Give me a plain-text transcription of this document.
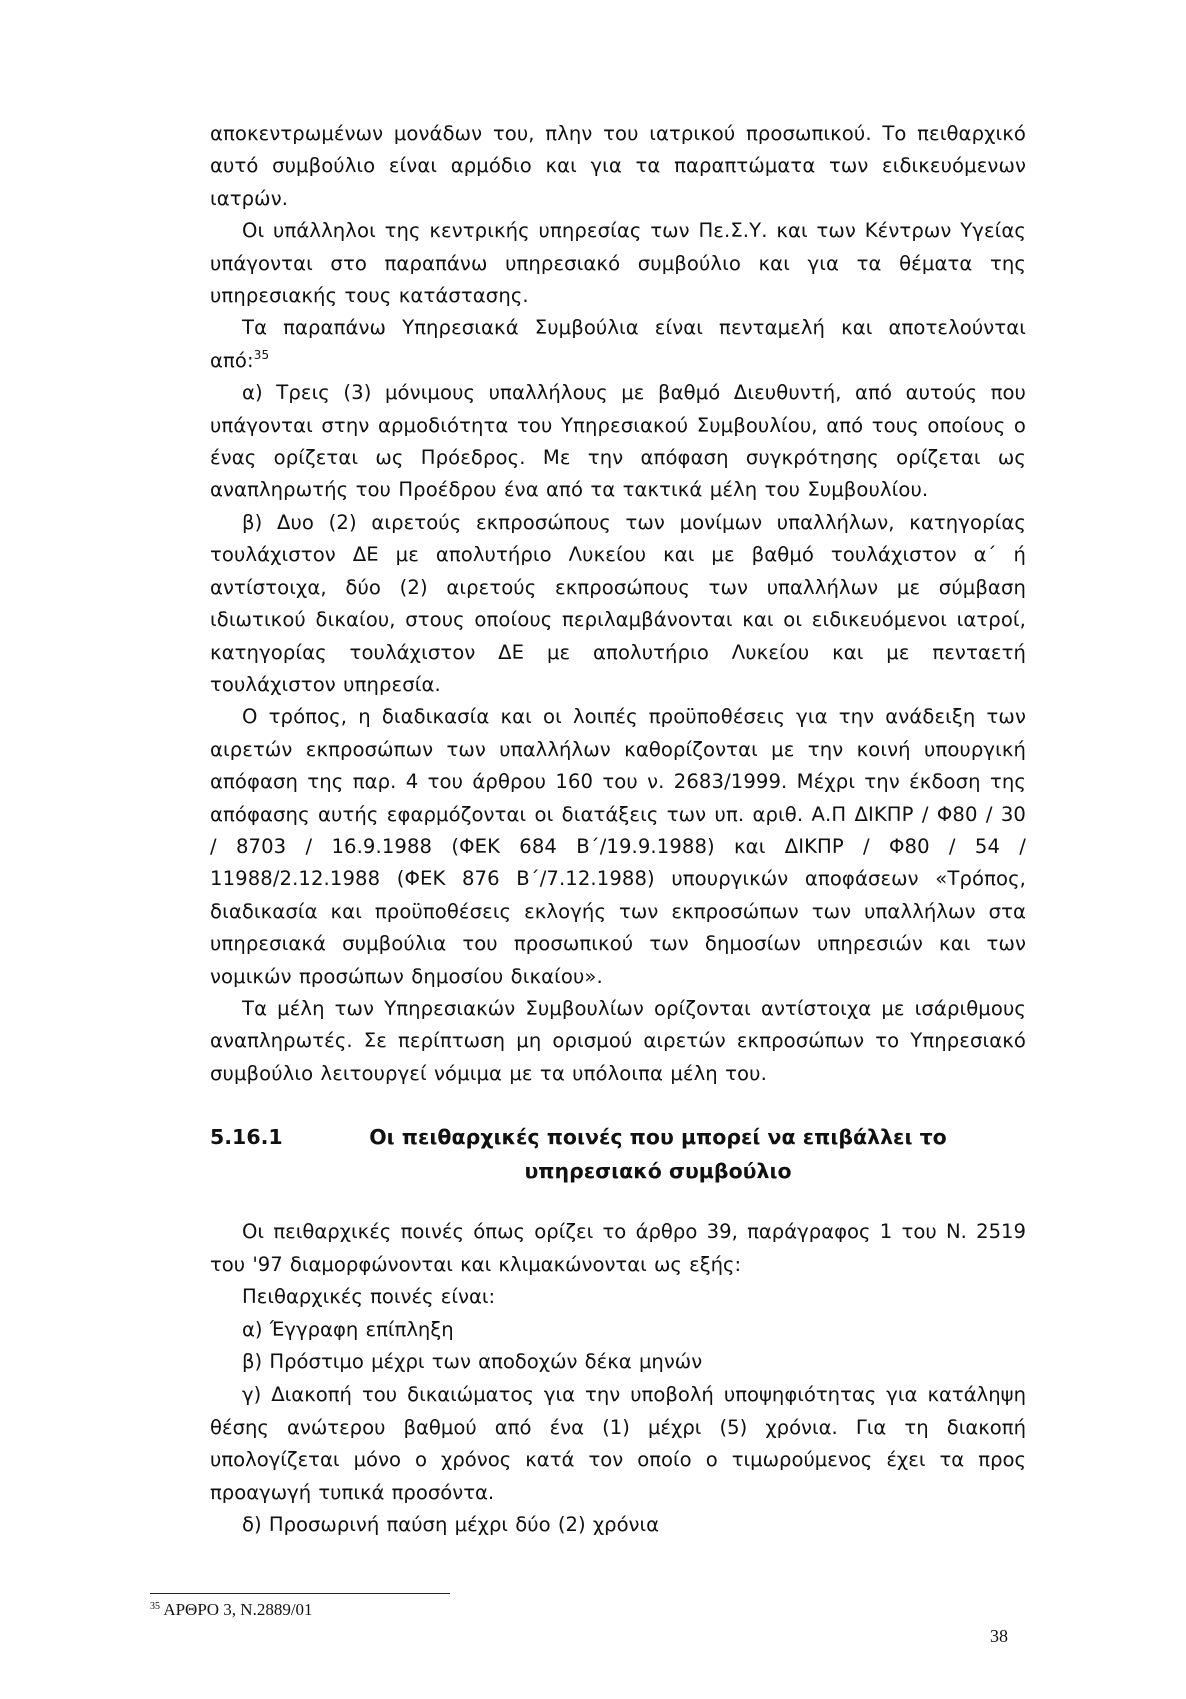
αποκεντρωμένων μονάδων του, πλην του ιατρικού προσωπικού. Το πειθαρχικό αυτό συμβούλιο είναι αρμόδιο και για τα παραπτώματα των ειδικευόμενων ιατρών.

Οι υπάλληλοι της κεντρικής υπηρεσίας των Πε.Σ.Υ. και των Κέντρων Υγείας υπάγονται στο παραπάνω υπηρεσιακό συμβούλιο και για τα θέματα της υπηρεσιακής τους κατάστασης.

Τα παραπάνω Υπηρεσιακά Συμβούλια είναι πενταμελή και αποτελούνται από:$^{35}$

α) Τρεις (3) μόνιμους υπαλλήλους με βαθμό Διευθυντή, από αυτούς που υπάγονται στην αρμοδιότητα του Υπηρεσιακού Συμβουλίου, από τους οποίους ο ένας ορίζεται ως Πρόεδρος. Με την απόφαση συγκρότησης ορίζεται ως αναπληρωτής του Προέδρου ένα από τα τακτικά μέλη του Συμβουλίου.

β) Δυο (2) αιρετούς εκπροσώπους των μονίμων υπαλλήλων, κατηγορίας τουλάχιστον ΔΕ με απολυτήριο Λυκείου και με βαθμό τουλάχιστον α΄ ή αντίστοιχα, δύο (2) αιρετούς εκπροσώπους των υπαλλήλων με σύμβαση ιδιωτικού δικαίου, στους οποίους περιλαμβάνονται και οι ειδικευόμενοι ιατροί, κατηγορίας τουλάχιστον ΔΕ με απολυτήριο Λυκείου και με πενταετή τουλάχιστον υπηρεσία.

Ο τρόπος, η διαδικασία και οι λοιπές προϋποθέσεις για την ανάδειξη των αιρετών εκπροσώπων των υπαλλήλων καθορίζονται με την κοινή υπουργική απόφαση της παρ. 4 του άρθρου 160 του ν. 2683/1999. Μέχρι την έκδοση της απόφασης αυτής εφαρμόζονται οι διατάξεις των υπ. αριθ. Α.Π ΔΙΚΠΡ / Φ80 / 30 / 8703 / 16.9.1988 (ΦΕΚ 684 Β΄/19.9.1988) και ΔΙΚΠΡ / Φ80 / 54 / 11988/2.12.1988 (ΦΕΚ 876 Β΄/7.12.1988) υπουργικών αποφάσεων «Τρόπος, διαδικασία και προϋποθέσεις εκλογής των εκπροσώπων των υπαλλήλων στα υπηρεσιακά συμβούλια του προσωπικού των δημοσίων υπηρεσιών και των νομικών προσώπων δημοσίου δικαίου».

Τα μέλη των Υπηρεσιακών Συμβουλίων ορίζονται αντίστοιχα με ισάριθμους αναπληρωτές. Σε περίπτωση μη ορισμού αιρετών εκπροσώπων το Υπηρεσιακό συμβούλιο λειτουργεί νόμιμα με τα υπόλοιπα μέλη του.

5.16.1	Οι πειθαρχικές ποινές που μπορεί να επιβάλλει το υπηρεσιακό συμβούλιο

Οι πειθαρχικές ποινές όπως ορίζει το άρθρο 39, παράγραφος 1 του Ν. 2519 του '97 διαμορφώνονται και κλιμακώνονται ως εξής:

Πειθαρχικές ποινές είναι:

α) Έγγραφη επίπληξη

β) Πρόστιμο μέχρι των αποδοχών δέκα μηνών

γ) Διακοπή του δικαιώματος για την υποβολή υποψηφιότητας για κατάληψη θέσης ανώτερου βαθμού από ένα (1) μέχρι (5) χρόνια. Για τη διακοπή υπολογίζεται μόνο ο χρόνος κατά τον οποίο ο τιμωρούμενος έχει τα προς προαγωγή τυπικά προσόντα.

δ) Προσωρινή παύση μέχρι δύο (2) χρόνια

$^{35}$ ΑΡΘΡΟ 3, Ν.2889/01
38
